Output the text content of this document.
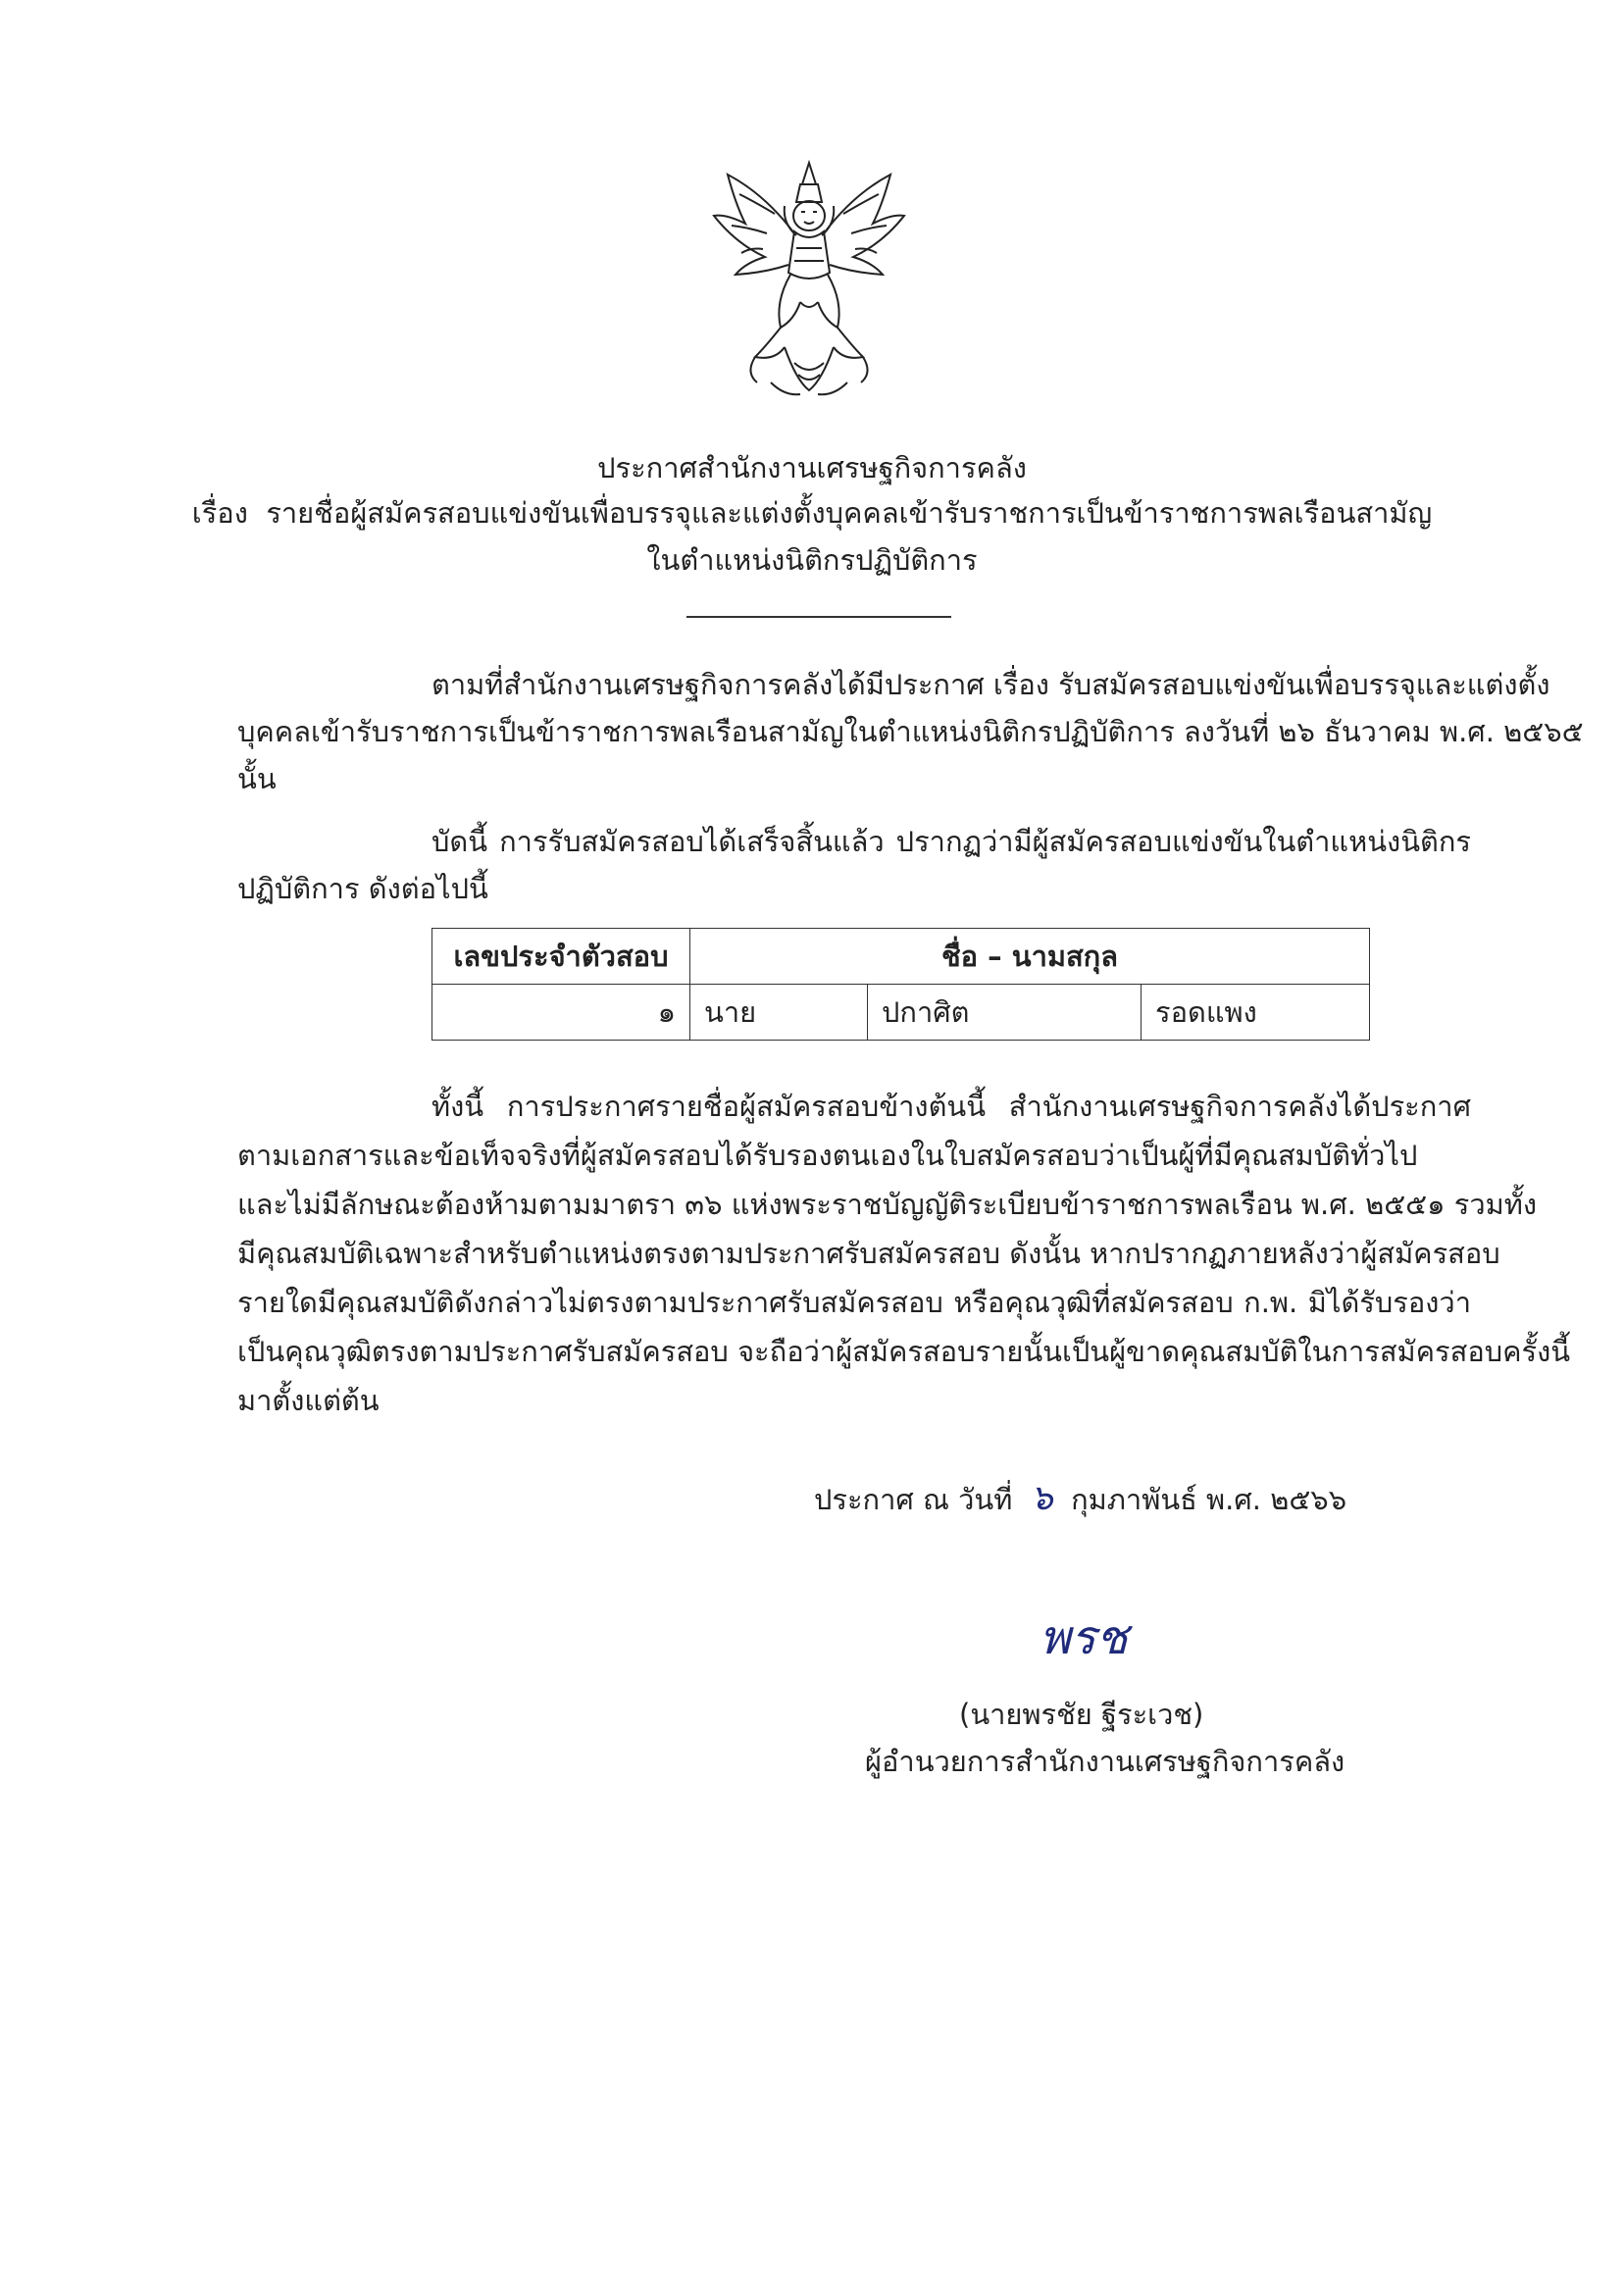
ประกาศสำนักงานเศรษฐกิจการคลัง
เรื่อง รายชื่อผู้สมัครสอบแข่งขันเพื่อบรรจุและแต่งตั้งบุคคลเข้ารับราชการเป็นข้าราชการพลเรือนสามัญ
ในตำแหน่งนิติกรปฏิบัติการ
ตามที่สำนักงานเศรษฐกิจการคลังได้มีประกาศ เรื่อง รับสมัครสอบแข่งขันเพื่อบรรจุและแต่งตั้ง
บุคคลเข้ารับราชการเป็นข้าราชการพลเรือนสามัญในตำแหน่งนิติกรปฏิบัติการ ลงวันที่ ๒๖ ธันวาคม พ.ศ. ๒๕๖๕
นั้น
บัดนี้ การรับสมัครสอบได้เสร็จสิ้นแล้ว ปรากฏว่ามีผู้สมัครสอบแข่งขันในตำแหน่งนิติกร
ปฏิบัติการ ดังต่อไปนี้
เลขประจำตัวสอบ	ชื่อ – นามสกุล		
๑	นาย	ปกาศิต	รอดแพง
ทั้งนี้ การประกาศรายชื่อผู้สมัครสอบข้างต้นนี้ สำนักงานเศรษฐกิจการคลังได้ประกาศ
ตามเอกสารและข้อเท็จจริงที่ผู้สมัครสอบได้รับรองตนเองในใบสมัครสอบว่าเป็นผู้ที่มีคุณสมบัติทั่วไป
และไม่มีลักษณะต้องห้ามตามมาตรา ๓๖ แห่งพระราชบัญญัติระเบียบข้าราชการพลเรือน พ.ศ. ๒๕๕๑ รวมทั้ง
มีคุณสมบัติเฉพาะสำหรับตำแหน่งตรงตามประกาศรับสมัครสอบ ดังนั้น หากปรากฏภายหลังว่าผู้สมัครสอบ
รายใดมีคุณสมบัติดังกล่าวไม่ตรงตามประกาศรับสมัครสอบ หรือคุณวุฒิที่สมัครสอบ ก.พ. มิได้รับรองว่า
เป็นคุณวุฒิตรงตามประกาศรับสมัครสอบ จะถือว่าผู้สมัครสอบรายนั้นเป็นผู้ขาดคุณสมบัติในการสมัครสอบครั้งนี้
มาตั้งแต่ต้น
ประกาศ ณ วันที่ ๖ กุมภาพันธ์ พ.ศ. ๒๕๖๖
พรช
(นายพรชัย ฐีระเวช)
ผู้อำนวยการสำนักงานเศรษฐกิจการคลัง
